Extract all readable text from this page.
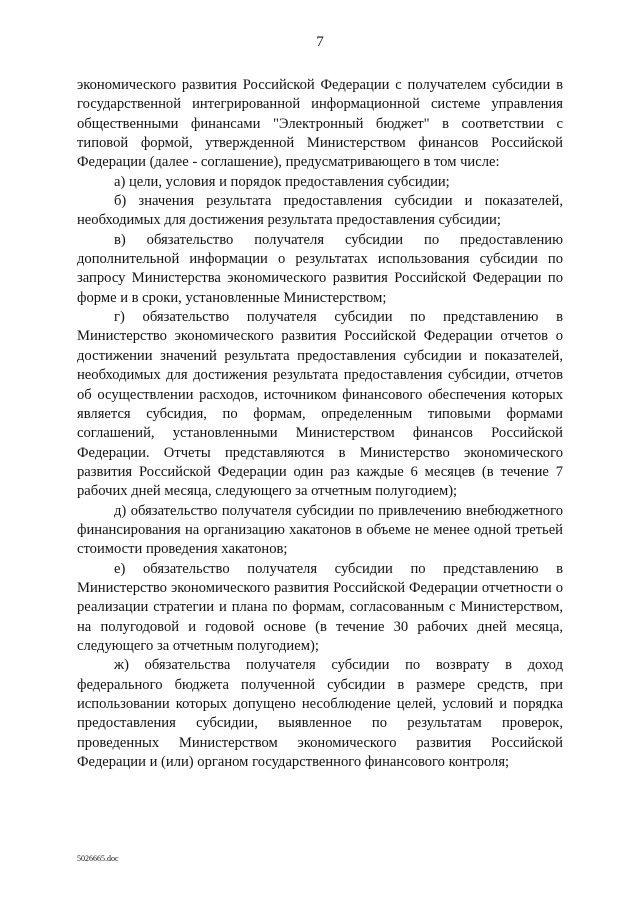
7

экономического развития Российской Федерации с получателем субсидии в государственной интегрированной информационной системе управления общественными финансами "Электронный бюджет" в соответствии с типовой формой, утвержденной Министерством финансов Российской Федерации (далее - соглашение), предусматривающего в том числе:

а) цели, условия и порядок предоставления субсидии;

б) значения результата предоставления субсидии и показателей, необходимых для достижения результата предоставления субсидии;

в) обязательство получателя субсидии по предоставлению дополнительной информации о результатах использования субсидии по запросу Министерства экономического развития Российской Федерации по форме и в сроки, установленные Министерством;

г) обязательство получателя субсидии по представлению в Министерство экономического развития Российской Федерации отчетов о достижении значений результата предоставления субсидии и показателей, необходимых для достижения результата предоставления субсидии, отчетов об осуществлении расходов, источником финансового обеспечения которых является субсидия, по формам, определенным типовыми формами соглашений, установленными Министерством финансов Российской Федерации. Отчеты представляются в Министерство экономического развития Российской Федерации один раз каждые 6 месяцев (в течение 7 рабочих дней месяца, следующего за отчетным полугодием);

д) обязательство получателя субсидии по привлечению внебюджетного финансирования на организацию хакатонов в объеме не менее одной третьей стоимости проведения хакатонов;

е) обязательство получателя субсидии по представлению в Министерство экономического развития Российской Федерации отчетности о реализации стратегии и плана по формам, согласованным с Министерством, на полугодовой и годовой основе (в течение 30 рабочих дней месяца, следующего за отчетным полугодием);

ж) обязательства получателя субсидии по возврату в доход федерального бюджета полученной субсидии в размере средств, при использовании которых допущено несоблюдение целей, условий и порядка предоставления субсидии, выявленное по результатам проверок, проведенных Министерством экономического развития Российской Федерации и (или) органом государственного финансового контроля;

5026665.doc
